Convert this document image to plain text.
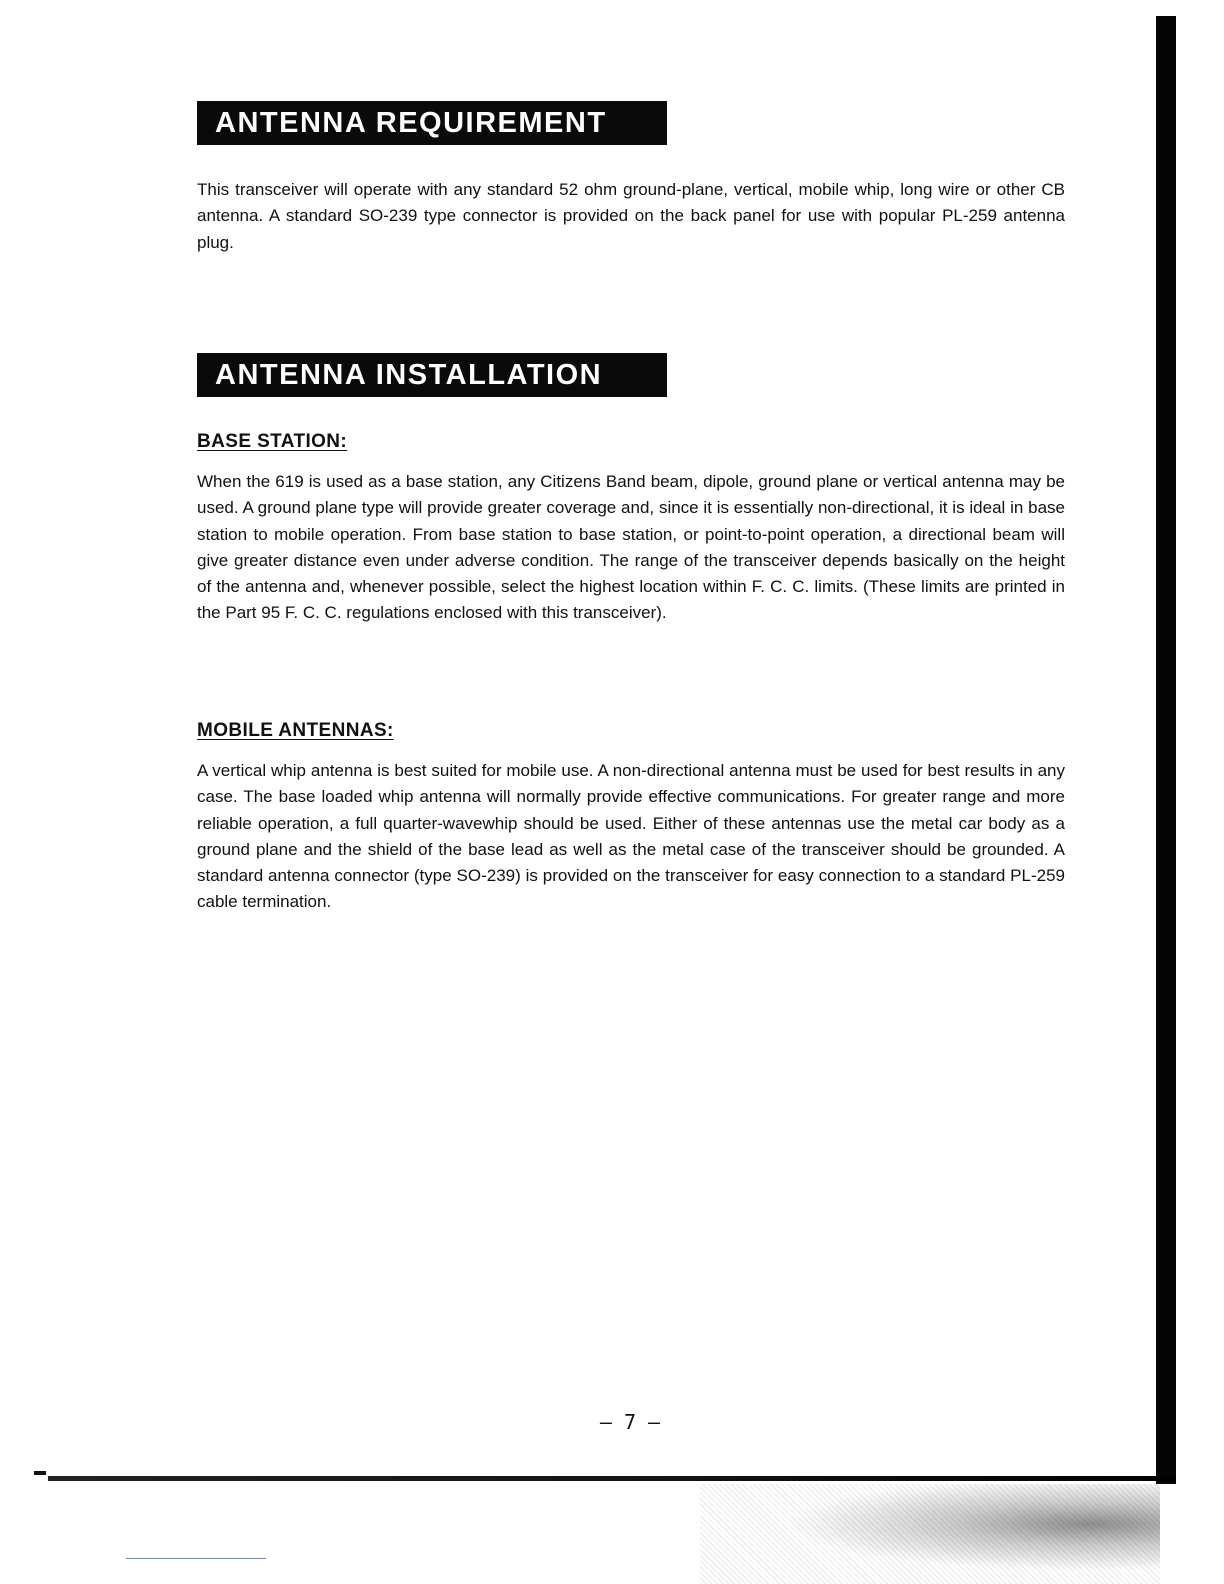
ANTENNA REQUIREMENT

This transceiver will operate with any standard 52 ohm ground-plane, vertical, mobile whip, long wire or other CB antenna. A standard SO-239 type connector is provided on the back panel for use with popular PL-259 antenna plug.

ANTENNA INSTALLATION
BASE STATION:

When the 619 is used as a base station, any Citizens Band beam, dipole, ground plane or vertical antenna may be used. A ground plane type will provide greater coverage and, since it is essentially non-directional, it is ideal in base station to mobile operation. From base station to base station, or point-to-point operation, a directional beam will give greater distance even under adverse condition. The range of the transceiver depends basically on the height of the antenna and, whenever possible, select the highest location within F. C. C. limits. (These limits are printed in the Part 95 F. C. C. regulations enclosed with this transceiver).

MOBILE ANTENNAS:

A vertical whip antenna is best suited for mobile use. A non-directional antenna must be used for best results in any case. The base loaded whip antenna will normally provide effective communications. For greater range and more reliable operation, a full quarter-wavewhip should be used. Either of these antennas use the metal car body as a ground plane and the shield of the base lead as well as the metal case of the transceiver should be grounded. A standard antenna connector (type SO-239) is provided on the transceiver for easy connection to a standard PL-259 cable termination.

— 7 —
